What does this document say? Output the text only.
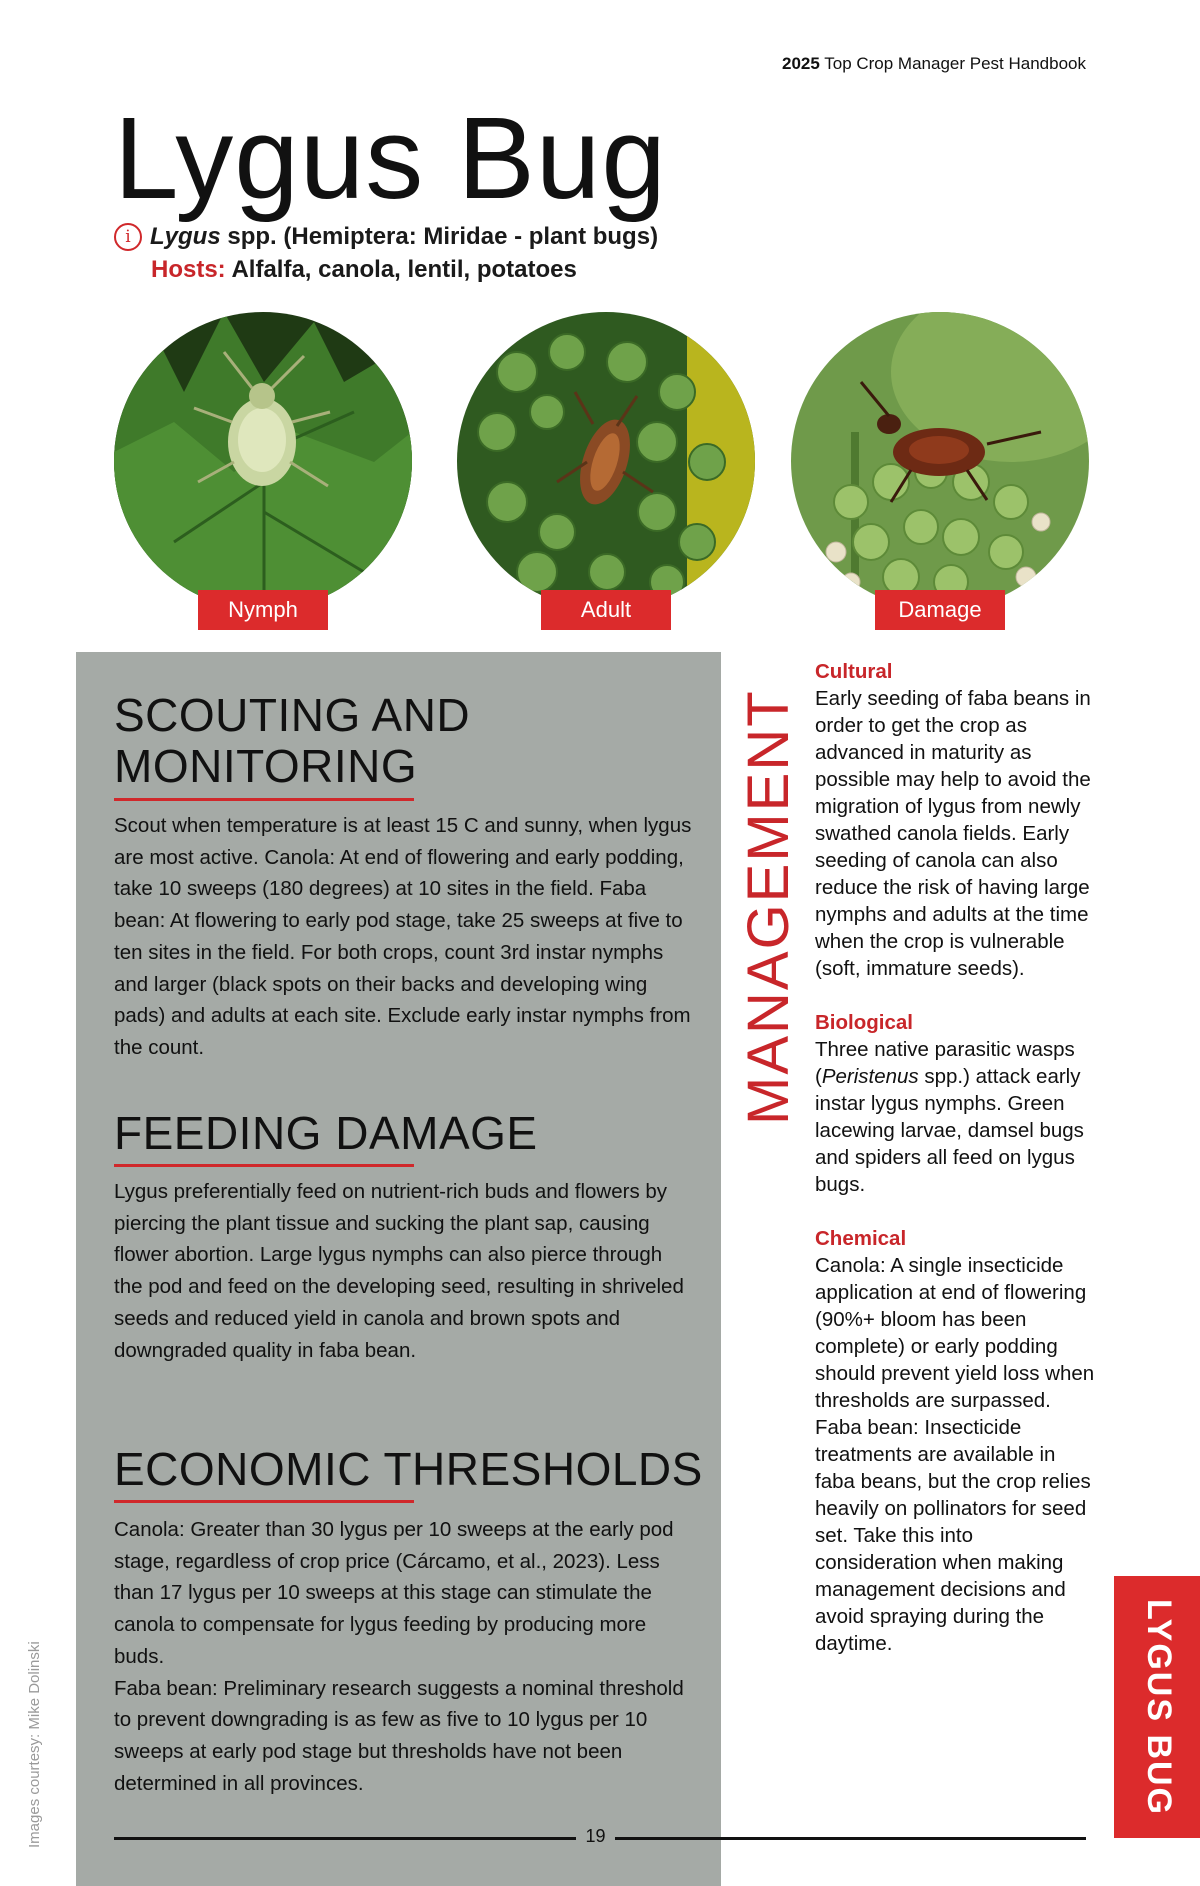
2025 Top Crop Manager Pest Handbook
Lygus Bug
i Lygus
spp. (Hemiptera: Miridae - plant bugs)
Hosts: Alfalfa, canola, lentil, potatoes
Nymph	Adult	Damage
SCOUTING AND
MONITORING

Scout when temperature is at least 15 C and sunny, when lygus are most active. Canola: At end of flowering and early podding, take 10 sweeps (180 degrees) at 10 sites in the field. Faba bean: At flowering to early pod stage, take 25 sweeps at five to ten sites in the field. For both crops, count 3rd instar nymphs and larger (black spots on their backs and developing wing pads) and adults at each site. Exclude early instar nymphs from the count.

FEEDING DAMAGE

Lygus preferentially feed on nutrient-rich buds and flowers by piercing the plant tissue and sucking the plant sap, causing flower abortion. Large lygus nymphs can also pierce through the pod and feed on the developing seed, resulting in shriveled seeds and reduced yield in canola and brown spots and downgraded quality in faba bean.

ECONOMIC THRESHOLDS

Canola: Greater than 30 lygus per 10 sweeps at the early pod stage, regardless of crop price (Cárcamo, et al., 2023). Less than 17 lygus per 10 sweeps at this stage can stimulate the canola to compensate for lygus feeding by producing more buds.

Faba bean: Preliminary research suggests a nominal threshold to prevent downgrading is as few as five to 10 lygus per 10 sweeps at early pod stage but thresholds have not been determined in all provinces.

MANAGEMENT
Cultural

Early seeding of faba beans in order to get the crop as advanced in maturity as possible may help to avoid the migration of lygus from newly swathed canola fields. Early seeding of canola can also reduce the risk of having large nymphs and adults at the time when the crop is vulnerable (soft, immature seeds).

Biological

Three native parasitic wasps (Peristenus spp.) attack early instar lygus nymphs. Green lacewing larvae, damsel bugs and spiders all feed on lygus bugs.

Chemical

Canola: A single insecticide application at end of flowering (90%+ bloom has been complete) or early podding should prevent yield loss when thresholds are surpassed.

Faba bean: Insecticide treatments are available in faba beans, but the crop relies heavily on pollinators for seed set. Take this into consideration when making management decisions and avoid spraying during the daytime.	LYGUS BUG
Images courtesy: Mike Dolinski	19
